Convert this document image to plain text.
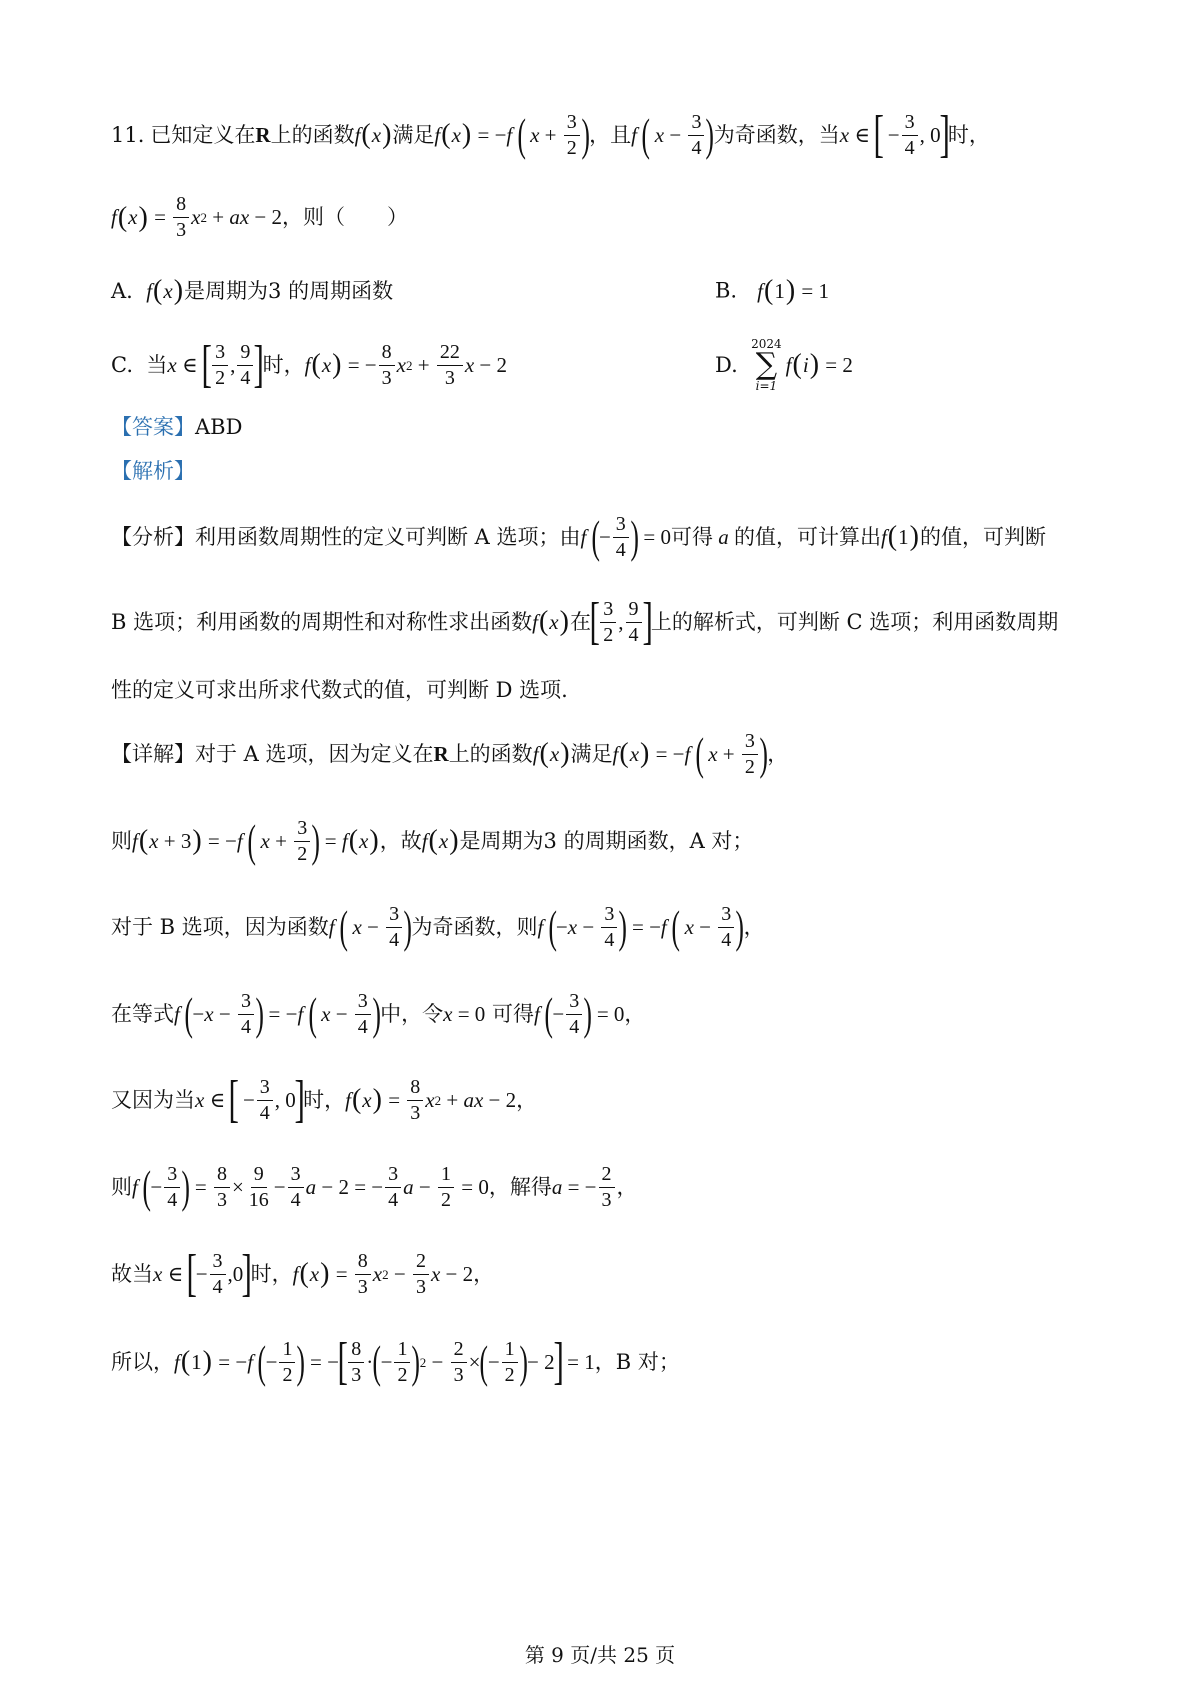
11. 已知定义在 R 上的函数 f ( x ) 满足 f ( x ) = − f
(
$x + \frac{3}{2}$ ) ，且 f
(
$x - \frac{3}{4}$ ) 为奇函数，当 x ∈
[
− $\frac{3}{4}$ , 0
]
时，
f ( x ) = $\frac{8}{3}$ x 2 + ax − 2 ，则（　　）
A.
f ( x ) 是周期为3 的周期函数	B. f ( 1 ) = 1
C.
当 x ∈
[ $\frac{3}{2}$ , $\frac{9}{4}$ ]
时， f ( x ) = − $\frac{8}{3}$ x $2 + \frac{22}{3}$ x − 2	D.

2024
∑
i=1
f ( i ) = 2
【答案】 ABD
【解析】
【分析】 利用函数周期性的定义可判断 A 选项；由 f
( − $\frac{3}{4}$ ) = 0 可得 a 的值，可计算出 f ( 1 ) 的值，可判断
B 选项；利用函数的周期性和对称性求出函数 f ( x ) 在
[ $\frac{3}{2}$ , $\frac{9}{4}$ ]
上的解析式，可判断 C 选项；利用函数周期
性的定义可求出所求代数式的值，可判断 D 选项.
【详解】 对于 A 选项，因为定义在 R 上的函数 f ( x ) 满足 f ( x ) = − f
(
$x + \frac{3}{2}$ ) ，
则 f ( x + 3 ) = − f
(
$x + \frac{3}{2}$ ) = f ( x ) ，故 f ( x ) 是周期为3 的周期函数，A 对；
对于 B 选项，因为函数 f
(
$x - \frac{3}{4}$ ) 为奇函数，则 f
( − $x - \frac{3}{4}$ ) = − f
(
$x - \frac{3}{4}$ ) ，
在等式 f
( − $x - \frac{3}{4}$ ) = − f
(
$x - \frac{3}{4}$ ) 中，令 x = 0
可得 f
( − $\frac{3}{4}$ ) = 0 ，
又因为当 x ∈
[
− $\frac{3}{4}$ , 0
]
时， f ( x ) = $\frac{8}{3}$ x 2 + ax − 2 ，
则 f
( − $\frac{3}{4}$ ) = $\frac{8}{3} \times \frac{9}{16} - \frac{3}{4}$ a − 2 = − $\frac{3}{4}$ $a - \frac{1}{2} = 0$ ，解得 a = − $\frac{2}{3}$ ，
故当 x ∈
[
− $\frac{3}{4} ,0$
]
时， f ( x ) = $\frac{8}{3}$ x $2 - \frac{2}{3}$ x − 2 ，
所以， f ( 1 ) = − f
( − $\frac{1}{2}$ ) = −
[ $\frac{8}{3}$ · ( − $\frac{1}{2}$ ) $2 - \frac{2}{3}$ × ( − $\frac{1}{2}$ ) − 2
]
= 1 ，B 对；
第 9 页/共 25 页
